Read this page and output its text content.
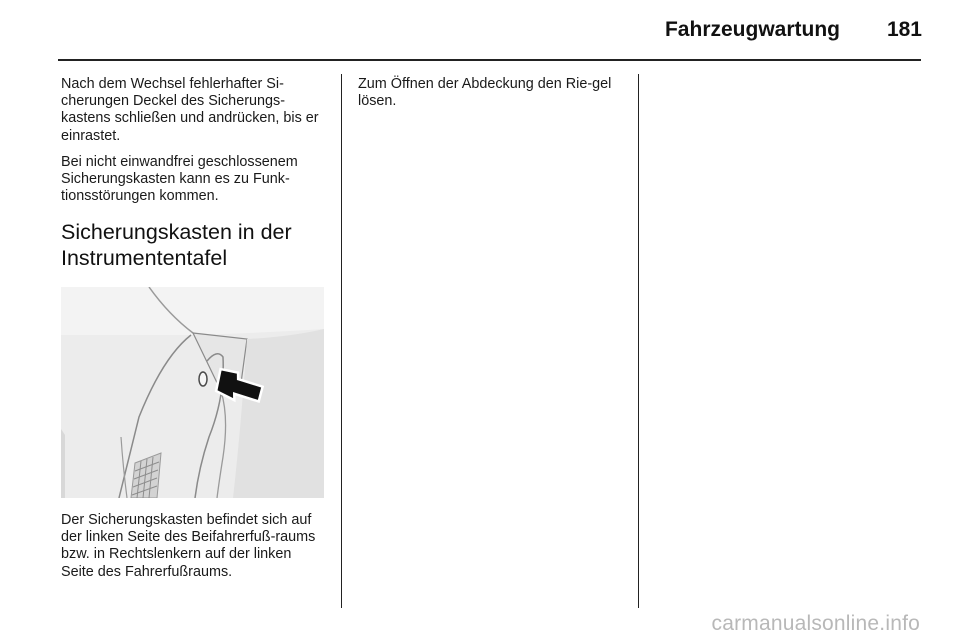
Fahrzeugwartung	181

Nach dem Wechsel fehlerhafter Si-cherungen Deckel des Sicherungs-kastens schließen und andrücken, bis er einrastet.

Bei nicht einwandfrei geschlossenem Sicherungskasten kann es zu Funk-tionsstörungen kommen.

Sicherungskasten in der Instrumententafel

Der Sicherungskasten befindet sich auf der linken Seite des Beifahrerfuß-raums bzw. in Rechtslenkern auf der linken Seite des Fahrerfußraums.

Zum Öffnen der Abdeckung den Rie-gel lösen.

carmanualsonline.info
